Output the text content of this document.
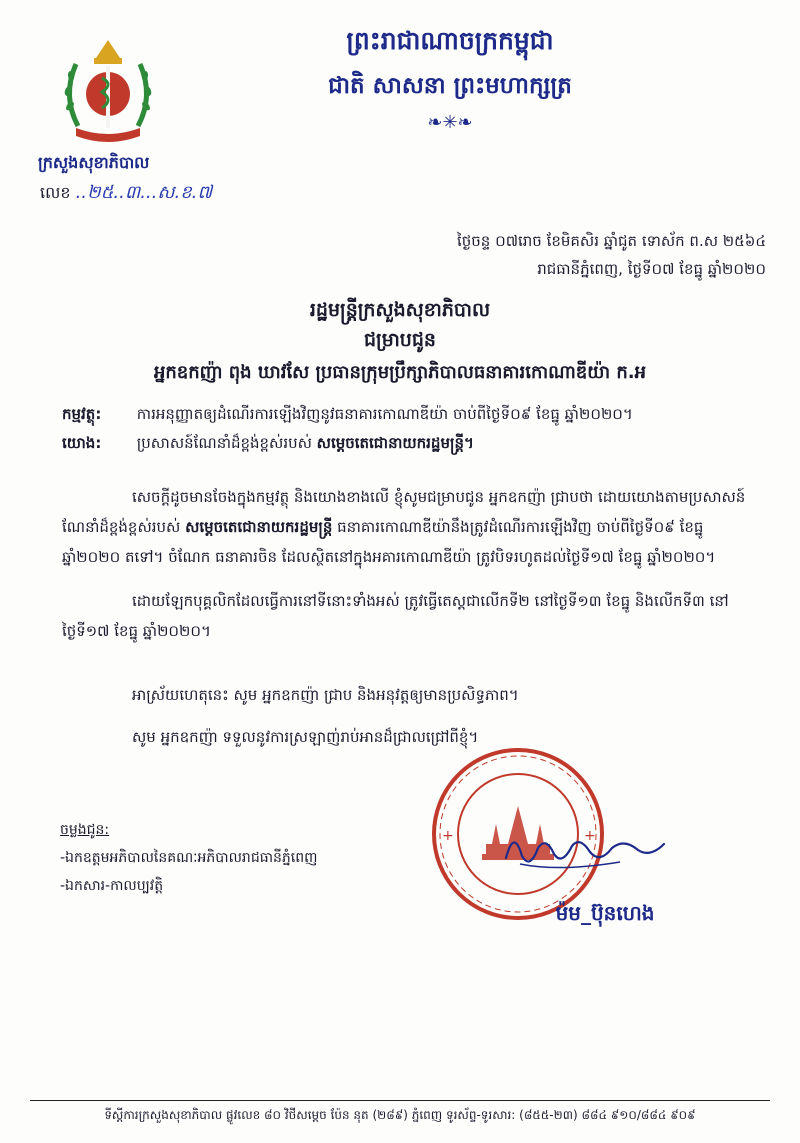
ព្រះរាជាណាចក្រកម្ពុជា
ជាតិ សាសនា ព្រះមហាក្សត្រ
❧✳❧
ក្រសួងសុខាភិបាល
លេខ ..២៥..៣...ស.ខ.៧
ថ្ងៃចន្ទ ០៧រោច ខែមិគសិរ ឆ្នាំជូត ទោស័ក ព.ស ២៥៦៤
រាជធានីភ្នំពេញ, ថ្ងៃទី០៧ ខែធ្នូ ឆ្នាំ២០២០
រដ្ឋមន្ត្រីក្រសួងសុខាភិបាល
ជម្រាបជូន
អ្នកឧកញ៉ា ពុង ឃាវសែ ប្រធានក្រុមប្រឹក្សាភិបាលធនាគារកោណាឌីយ៉ា ក.អ
កម្មវត្ថុ: ការអនុញ្ញាតឲ្យដំណើរការឡើងវិញនូវធនាគារកោណាឌីយ៉ា ចាប់ពីថ្ងៃទី០៩ ខែធ្នូ ឆ្នាំ២០២០។
យោង: ប្រសាសន៍ណែនាំដ៏ខ្ពង់ខ្ពស់របស់ សម្តេចតេជោនាយករដ្ឋមន្ត្រី។
សេចក្តីដូចមានចែងក្នុងកម្មវត្ថុ និងយោងខាងលើ ខ្ញុំសូមជម្រាបជូន អ្នកឧកញ៉ា ជ្រាបថា ដោយយោងតាមប្រសាសន៍ណែនាំដ៏ខ្ពង់ខ្ពស់របស់ សម្តេចតេជោនាយករដ្ឋមន្ត្រី ធនាគារកោណាឌីយ៉ានឹងត្រូវដំណើរការឡើងវិញ ចាប់ពីថ្ងៃទី០៩ ខែធ្នូ ឆ្នាំ២០២០ តទៅ។ ចំណែក ធនាគារចិន ដែលស្ថិតនៅក្នុងអគារកោណាឌីយ៉ា ត្រូវបិទរហូតដល់ថ្ងៃទី១៧ ខែធ្នូ ឆ្នាំ២០២០។
ដោយឡែកបុគ្គលិកដែលធ្វើការនៅទីនោះទាំងអស់ ត្រូវធ្វើតេស្តជាលើកទី២ នៅថ្ងៃទី១៣ ខែធ្នូ និងលើកទី៣ នៅថ្ងៃទី១៧ ខែធ្នូ ឆ្នាំ២០២០។
អាស្រ័យហេតុនេះ សូម អ្នកឧកញ៉ា ជ្រាប និងអនុវត្តឲ្យមានប្រសិទ្ធភាព។
សូម អ្នកឧកញ៉ា ទទួលនូវការស្រឡាញ់រាប់អានដ៏ជ្រាលជ្រៅពីខ្ញុំ។
ចម្លងជូន:
-ឯកឧត្តមអភិបាលនៃគណៈអភិបាលរាជធានីភ្នំពេញ
-ឯកសារ-កាលប្បវត្តិ
+	+
ម៉ម_ប៊ុនហេង
ទីស្តីការក្រសួងសុខាភិបាល ផ្លូវលេខ ៨០ វិថីសម្តេច ប៉ែន នុត (២៨៩) ភ្នំពេញ ទូរស័ព្ទ-ទូរសារ: (៨៥៥-២៣) ៨៨៤ ៩១០/៨៨៤ ៩០៩
